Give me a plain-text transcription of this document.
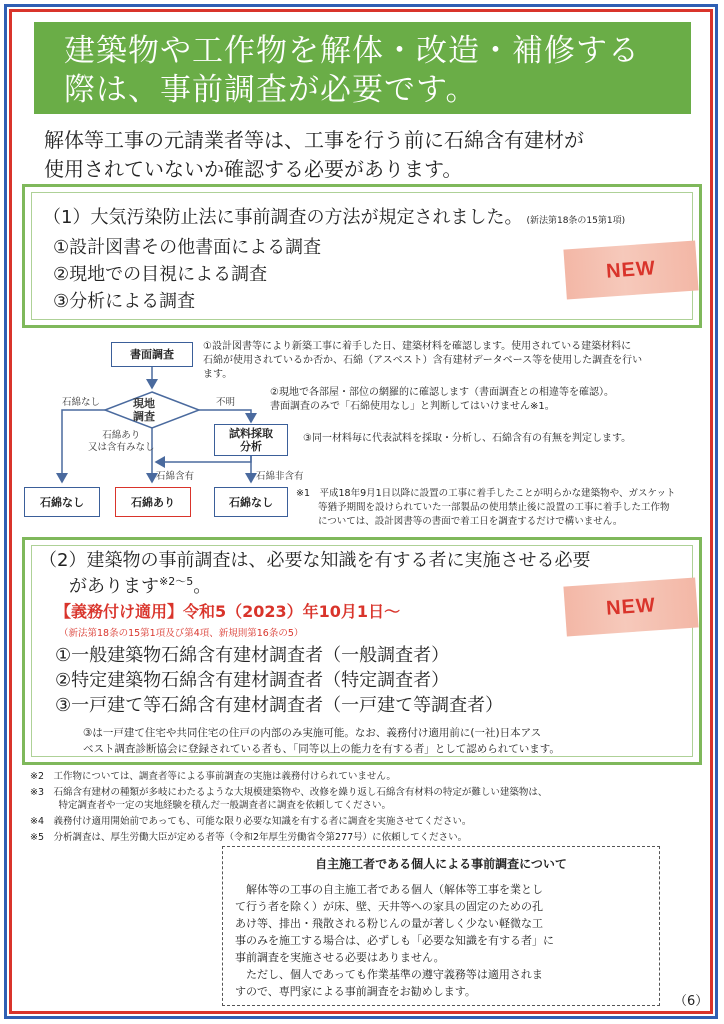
建築物や工作物を解体・改造・補修する
際は、事前調査が必要です。
解体等工事の元請業者等は、工事を行う前に石綿含有建材が
使用されていないか確認する必要があります。
（1）大気汚染防止法に事前調査の方法が規定されました。 (新法第18条の15第1項)
①設計図書その他書面による調査
②現地での目視による調査
③分析による調査
NEW
書面調査
現地
調査
試料採取
分析
石綿なし	石綿あり	石綿なし
石綿なし	不明
石綿あり
又は含有みなし
石綿含有	石綿非含有
①設計図書等により新築工事に着手した日、建築材料を確認します。使用されている建築材料に
石綿が使用されているか否か、石綿（アスベスト）含有建材データベース等を使用した調査を行い
ます。
②現地で各部屋・部位の網羅的に確認します（書面調査との相違等を確認）。
書面調査のみで「石綿使用なし」と判断してはいけません※1。
③同一材料毎に代表試料を採取・分析し、石綿含有の有無を判定します。
※1　平成18年9月1日以降に設置の工事に着手したことが明らかな建築物や、ガスケット
等猶予期間を設けられていた一部製品の使用禁止後に設置の工事に着手した工作物
については、設計図書等の書面で着工日を調査するだけで構いません。
（2）建築物の事前調査は、必要な知識を有する者に実施させる必要
があります$^{※2\sim 5}$。
【義務付け適用】令和5（2023）年10月1日～
（新法第18条の15第1項及び第4項、新規則第16条の5）
①一般建築物石綿含有建材調査者（一般調査者）
②特定建築物石綿含有建材調査者（特定調査者）
③一戸建て等石綿含有建材調査者（一戸建て等調査者）
③は一戸建て住宅や共同住宅の住戸の内部のみ実施可能。なお、義務付け適用前に(一社)日本アス
ベスト調査診断協会に登録されている者も、「同等以上の能力を有する者」として認められています。
NEW
※2　工作物については、調査者等による事前調査の実施は義務付けられていません。
※3　石綿含有建材の種類が多岐にわたるような大規模建築物や、改修を繰り返し石綿含有材料の特定が難しい建築物は、
　　　特定調査者や一定の実地経験を積んだ一般調査者に調査を依頼してください。
※4　義務付け適用開始前であっても、可能な限り必要な知識を有する者に調査を実施させてください。
※5　分析調査は、厚生労働大臣が定める者等（令和2年厚生労働省令第277号）に依頼してください。
自主施工者である個人による事前調査について
　解体等の工事の自主施工者である個人（解体等工事を業とし
て行う者を除く）が床、壁、天井等への家具の固定のための孔
あけ等、排出・飛散される粉じんの量が著しく少ない軽微な工
事のみを施工する場合は、必ずしも「必要な知識を有する者」に
事前調査を実施させる必要はありません。
　ただし、個人であっても作業基準の遵守義務等は適用されま
すので、専門家による事前調査をお勧めします。
（6）
